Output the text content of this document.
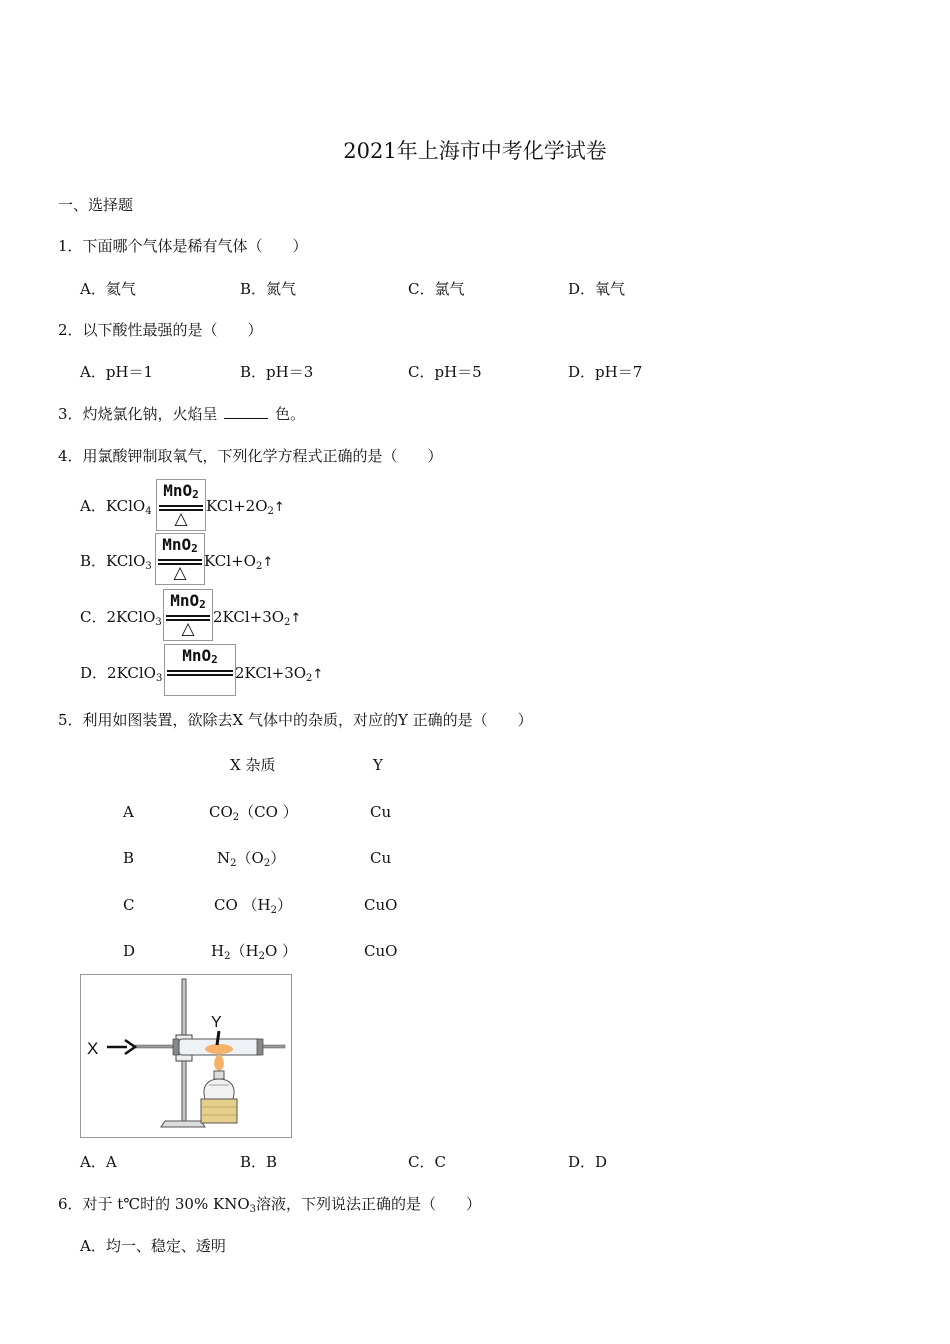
2021年上海市中考化学试卷
一、选择题
1．下面哪个气体是稀有气体（　　）
A．氦气	B．氮气	C．氯气	D．氧气
2．以下酸性最强的是（　　）
A．pH＝1	B．pH＝3	C．pH＝5	D．pH＝7
3．灼烧氯化钠，火焰呈	色。
4．用氯酸钾制取氧气，下列化学方程式正确的是（　　）
A．KClO$_4$
MnO$_2$
△
$KCl+2O_2↑$
B．KClO$_3$
MnO$_2$
△
$KCl+O_2↑$
C．2KClO$_3$
MnO$_2$
△
$2KCl+3O_2↑$
D．2KClO$_3$
MnO$_2$
$2KCl+3O_2↑$
5．利用如图装置，欲除去X 气体中的杂质，对应的Y 正确的是（　　）
X 杂质	Y
A	$CO_2(CO$ ）	Cu
B	$N_2(O_2)$	Cu
C	CO $(H_2)$	CuO
D	$H_2(H_2O$ ）	CuO
X
Y
A．A	B．B	C．C	D．D
6．对于 t℃时的 30% $KNO_3$溶液，下列说法正确的是（　　）
A．均一、稳定、透明
